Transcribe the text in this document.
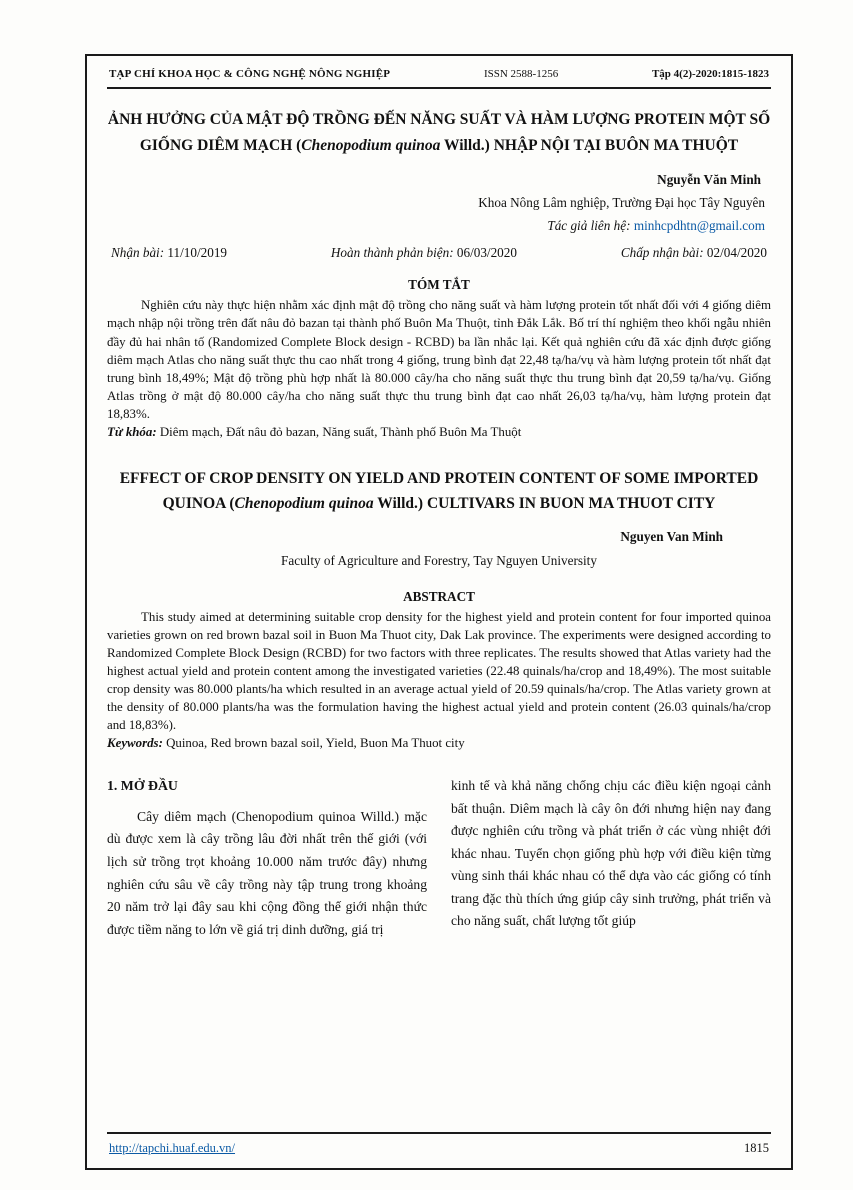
TẠP CHÍ KHOA HỌC & CÔNG NGHỆ NÔNG NGHIỆP	ISSN 2588-1256	Tập 4(2)-2020:1815-1823
ẢNH HƯỞNG CỦA MẬT ĐỘ TRỒNG ĐẾN NĂNG SUẤT VÀ HÀM LƯỢNG PROTEIN MỘT SỐ GIỐNG DIÊM MẠCH (Chenopodium quinoa Willd.) NHẬP NỘI TẠI BUÔN MA THUỘT
Nguyễn Văn Minh
Khoa Nông Lâm nghiệp, Trường Đại học Tây Nguyên
Tác giả liên hệ: minhcpdhtn@gmail.com
Nhận bài: 11/10/2019	Hoàn thành phản biện: 06/03/2020	Chấp nhận bài: 02/04/2020
TÓM TẮT
Nghiên cứu này thực hiện nhằm xác định mật độ trồng cho năng suất và hàm lượng protein tốt nhất đối với 4 giống diêm mạch nhập nội trồng trên đất nâu đỏ bazan tại thành phố Buôn Ma Thuột, tỉnh Đắk Lắk. Bố trí thí nghiệm theo khối ngẫu nhiên đầy đủ hai nhân tố (Randomized Complete Block design - RCBD) ba lần nhắc lại. Kết quả nghiên cứu đã xác định được giống diêm mạch Atlas cho năng suất thực thu cao nhất trong 4 giống, trung bình đạt 22,48 tạ/ha/vụ và hàm lượng protein tốt nhất đạt trung bình 18,49%; Mật độ trồng phù hợp nhất là 80.000 cây/ha cho năng suất thực thu trung bình đạt 20,59 tạ/ha/vụ. Giống Atlas trồng ở mật độ 80.000 cây/ha cho năng suất thực thu trung bình đạt cao nhất 26,03 tạ/ha/vụ, hàm lượng protein đạt 18,83%.
Từ khóa: Diêm mạch, Đất nâu đỏ bazan, Năng suất, Thành phố Buôn Ma Thuột
EFFECT OF CROP DENSITY ON YIELD AND PROTEIN CONTENT OF SOME IMPORTED QUINOA (Chenopodium quinoa Willd.) CULTIVARS IN BUON MA THUOT CITY
Nguyen Van Minh
Faculty of Agriculture and Forestry, Tay Nguyen University
ABSTRACT
This study aimed at determining suitable crop density for the highest yield and protein content for four imported quinoa varieties grown on red brown bazal soil in Buon Ma Thuot city, Dak Lak province. The experiments were designed according to Randomized Complete Block Design (RCBD) for two factors with three replicates. The results showed that Atlas variety had the highest actual yield and protein content among the investigated varieties (22.48 quinals/ha/crop and 18,49%). The most suitable crop density was 80.000 plants/ha which resulted in an average actual yield of 20.59 quinals/ha/crop. The Atlas variety grown at the density of 80.000 plants/ha was the formulation having the highest actual yield and protein content (26.03 quinals/ha/crop and 18,83%).
Keywords: Quinoa, Red brown bazal soil, Yield, Buon Ma Thuot city
1. MỞ ĐẦU
Cây diêm mạch (Chenopodium quinoa Willd.) mặc dù được xem là cây trồng lâu đời nhất trên thế giới (với lịch sử trồng trọt khoảng 10.000 năm trước đây) nhưng nghiên cứu sâu về cây trồng này tập trung trong khoảng 20 năm trở lại đây sau khi cộng đồng thế giới nhận thức được tiềm năng to lớn về giá trị dinh dưỡng, giá trị
kinh tế và khả năng chống chịu các điều kiện ngoại cảnh bất thuận. Diêm mạch là cây ôn đới nhưng hiện nay đang được nghiên cứu trồng và phát triển ở các vùng nhiệt đới khác nhau. Tuyển chọn giống phù hợp với điều kiện từng vùng sinh thái khác nhau có thể dựa vào các giống có tính trang đặc thù thích ứng giúp cây sinh trưởng, phát triển và cho năng suất, chất lượng tốt giúp
http://tapchi.huaf.edu.vn/	1815
